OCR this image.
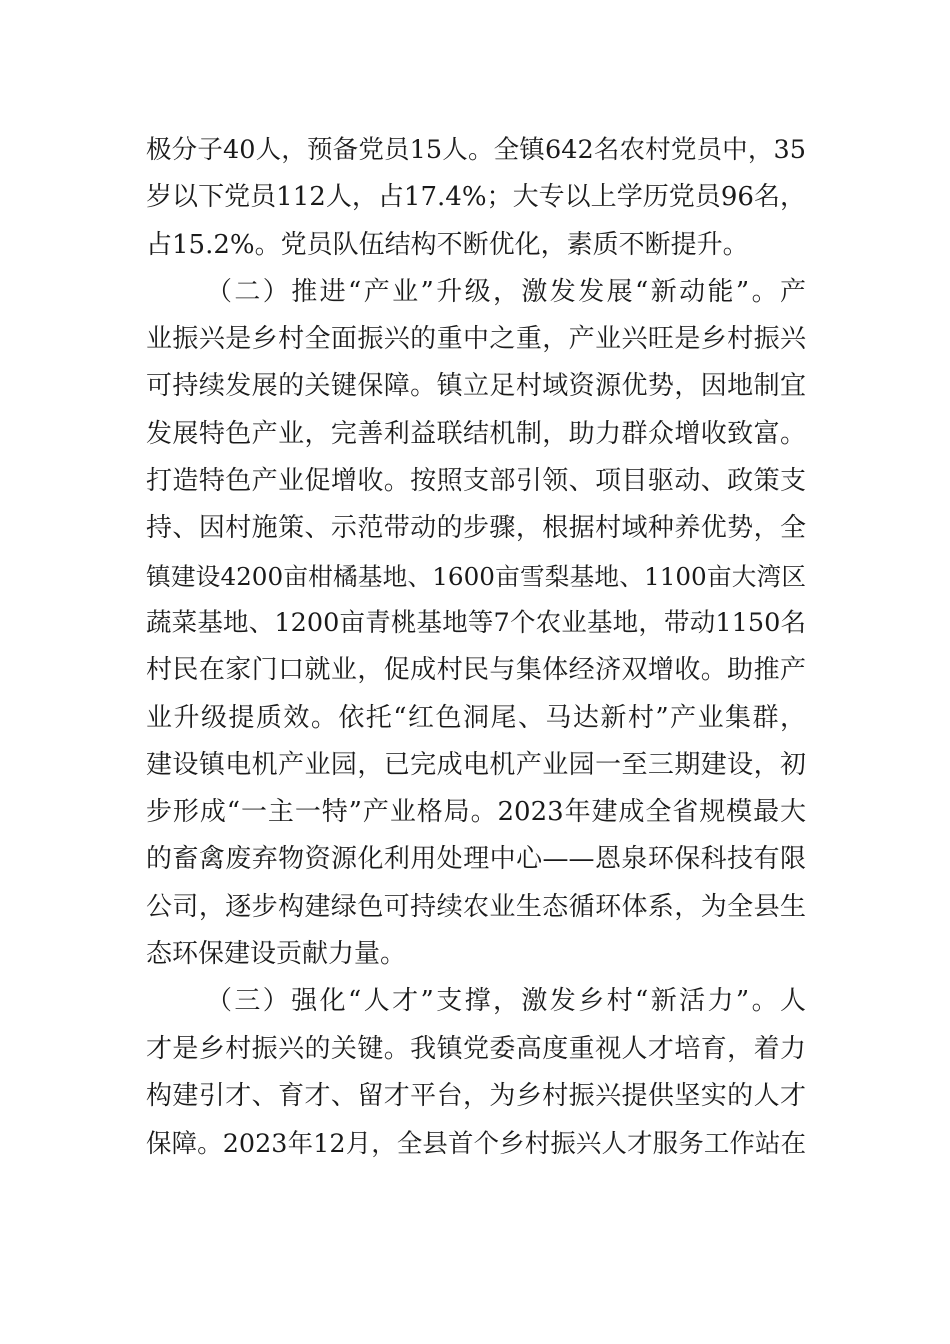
极分子40人，预备党员15人。全镇642名农村党员中，35
岁以下党员112人，占17.4%；大专以上学历党员96名，
占15.2%。党员队伍结构不断优化，素质不断提升。
（二）推进“产业”升级，激发发展“新动能”。产
业振兴是乡村全面振兴的重中之重，产业兴旺是乡村振兴
可持续发展的关键保障。镇立足村域资源优势，因地制宜
发展特色产业，完善利益联结机制，助力群众增收致富。
打造特色产业促增收。按照支部引领、项目驱动、政策支
持、因村施策、示范带动的步骤，根据村域种养优势，全
镇建设4200亩柑橘基地、1600亩雪梨基地、1100亩大湾区
蔬菜基地、1200亩青桃基地等7个农业基地，带动1150名
村民在家门口就业，促成村民与集体经济双增收。助推产
业升级提质效。依托“红色洞尾、马达新村”产业集群，
建设镇电机产业园，已完成电机产业园一至三期建设，初
步形成“一主一特”产业格局。2023年建成全省规模最大
的畜禽废弃物资源化利用处理中心——恩泉环保科技有限
公司，逐步构建绿色可持续农业生态循环体系，为全县生
态环保建设贡献力量。
（三）强化“人才”支撑，激发乡村“新活力”。人
才是乡村振兴的关键。我镇党委高度重视人才培育，着力
构建引才、育才、留才平台，为乡村振兴提供坚实的人才
保障。2023年12月，全县首个乡村振兴人才服务工作站在
